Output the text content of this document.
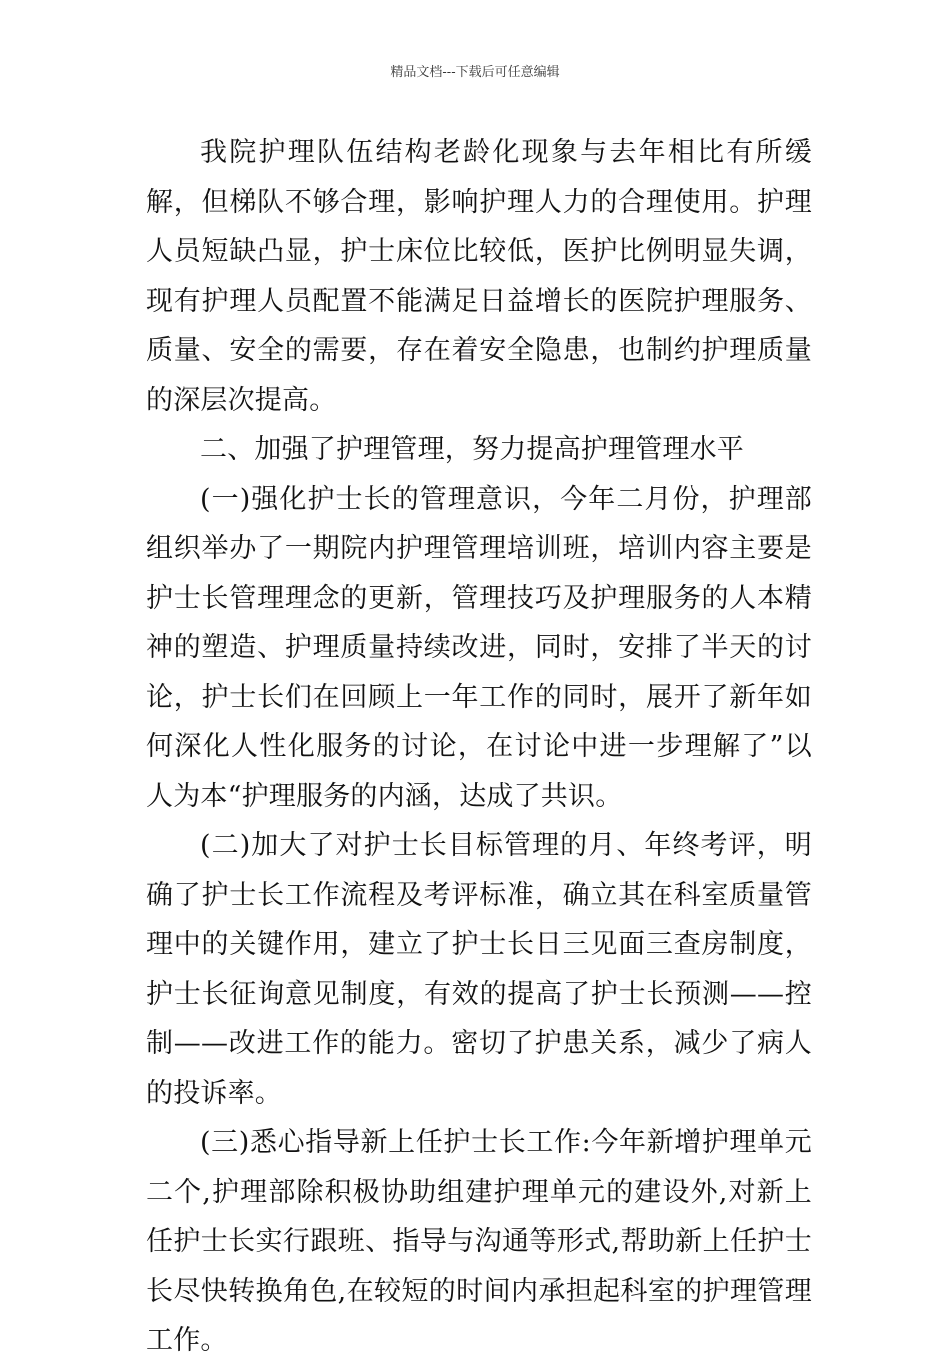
精品文档---下载后可任意编辑

我院护理队伍结构老龄化现象与去年相比有所缓解，但梯队不够合理，影响护理人力的合理使用。护理人员短缺凸显，护士床位比较低，医护比例明显失调，现有护理人员配置不能满足日益增长的医院护理服务、质量、安全的需要，存在着安全隐患，也制约护理质量的深层次提高。

二、加强了护理管理，努力提高护理管理水平

(一)强化护士长的管理意识，今年二月份，护理部组织举办了一期院内护理管理培训班，培训内容主要是护士长管理理念的更新，管理技巧及护理服务的人本精神的塑造、护理质量持续改进，同时，安排了半天的讨论，护士长们在回顾上一年工作的同时，展开了新年如何深化人性化服务的讨论，在讨论中进一步理解了”以人为本“护理服务的内涵，达成了共识。

(二)加大了对护士长目标管理的月、年终考评，明确了护士长工作流程及考评标准，确立其在科室质量管理中的关键作用，建立了护士长日三见面三查房制度，护士长征询意见制度，有效的提高了护士长预测——控制——改进工作的能力。密切了护患关系，减少了病人的投诉率。

(三)悉心指导新上任护士长工作:今年新增护理单元二个,护理部除积极协助组建护理单元的建设外,对新上任护士长实行跟班、指导与沟通等形式,帮助新上任护士长尽快转换角色,在较短的时间内承担起科室的护理管理工作。
